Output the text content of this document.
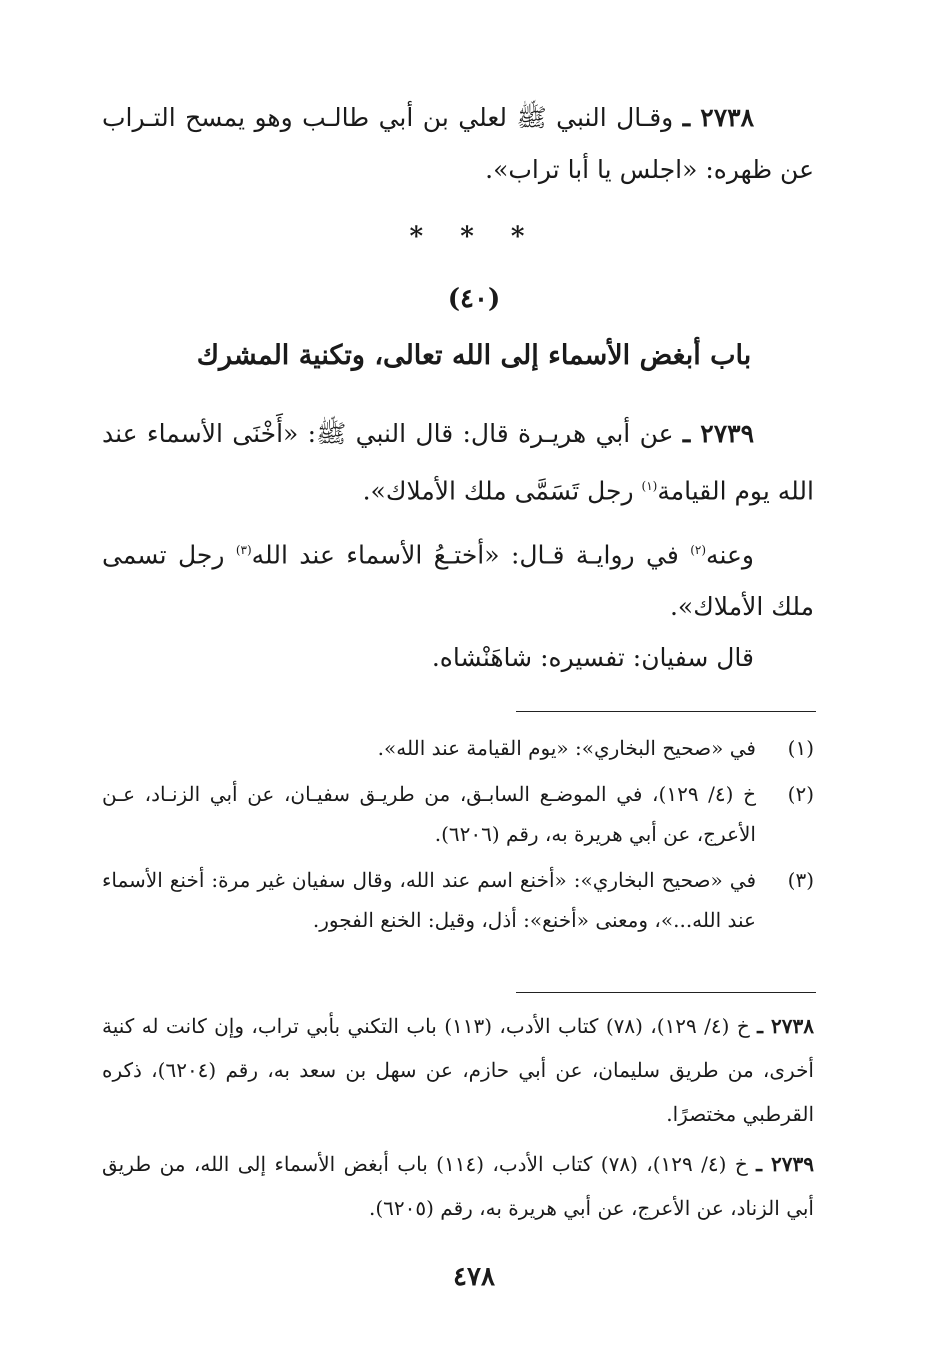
٢٧٣٨ ـ وقـال النبي ﷺ لعلي بن أبي طالـب وهو يمسح التـراب عن ظهره: «اجلس يا أبا تراب».
* * *
(٤٠)
باب أبغض الأسماء إلى الله تعالى، وتكنية المشرك
٢٧٣٩ ـ عن أبي هريـرة قال: قال النبي ﷺ: «أَخْنَى الأسماء عند الله يوم القيامة$^{(١)}$ رجل تَسَمَّى ملك الأملاك».
وعنه$^{(٢)}$ في روايـة قـال: «أختـعُ الأسماء عند الله$^{(٣)}$ رجل تسمى ملك الأملاك».
قال سفيان: تفسيره: شاهَنْشاه.
(١)
في «صحيح البخاري»: «يوم القيامة عند الله».
(٢)
خ (٤/ ١٢٩)، في الموضـع السابـق، من طريـق سفيـان، عن أبي الزنـاد، عـن الأعرج، عن أبي هريرة به، رقم (٦٢٠٦).
(٣)
في «صحيح البخاري»: «أخنع اسم عند الله، وقال سفيان غير مرة: أخنع الأسماء عند الله...»، ومعنى «أخنع»: أذل، وقيل: الخنع الفجور.
٢٧٣٨ ـ خ (٤/ ١٢٩)، (٧٨) كتاب الأدب، (١١٣) باب التكني بأبي تراب، وإن كانت له كنية أخرى، من طريق سليمان، عن أبي حازم، عن سهل بن سعد به، رقم (٦٢٠٤)، ذكره القرطبي مختصرًا.
٢٧٣٩ ـ خ (٤/ ١٢٩)، (٧٨) كتاب الأدب، (١١٤) باب أبغض الأسماء إلى الله، من طريق أبي الزناد، عن الأعرج، عن أبي هريرة به، رقم (٦٢٠٥).
٤٧٨
